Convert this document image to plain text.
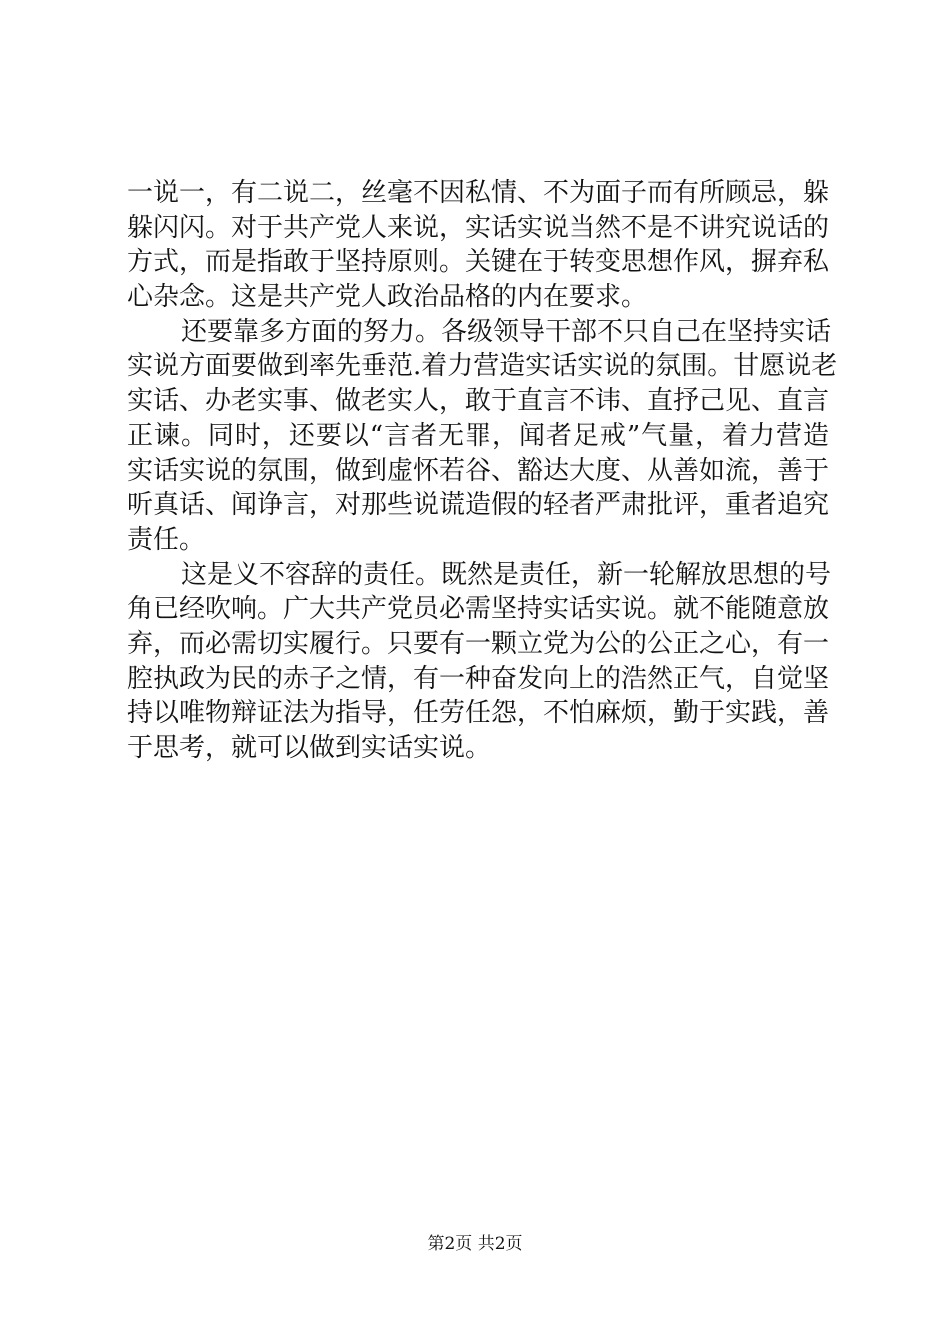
一说一，有二说二，丝毫不因私情、不为面子而有所顾忌，躲
躲闪闪。对于共产党人来说，实话实说当然不是不讲究说话的
方式，而是指敢于坚持原则。关键在于转变思想作风，摒弃私
心杂念。这是共产党人政治品格的内在要求。
还要靠多方面的努力。各级领导干部不只自己在坚持实话
实说方面要做到率先垂范.着力营造实话实说的氛围。甘愿说老
实话、办老实事、做老实人，敢于直言不讳、直抒己见、直言
正谏。同时，还要以“言者无罪，闻者足戒”气量，着力营造
实话实说的氛围，做到虚怀若谷、豁达大度、从善如流，善于
听真话、闻诤言，对那些说谎造假的轻者严肃批评，重者追究
责任。
这是义不容辞的责任。既然是责任，新一轮解放思想的号
角已经吹响。广大共产党员必需坚持实话实说。就不能随意放
弃，而必需切实履行。只要有一颗立党为公的公正之心，有一
腔执政为民的赤子之情，有一种奋发向上的浩然正气，自觉坚
持以唯物辩证法为指导，任劳任怨，不怕麻烦，勤于实践，善
于思考，就可以做到实话实说。
第2页 共2页
